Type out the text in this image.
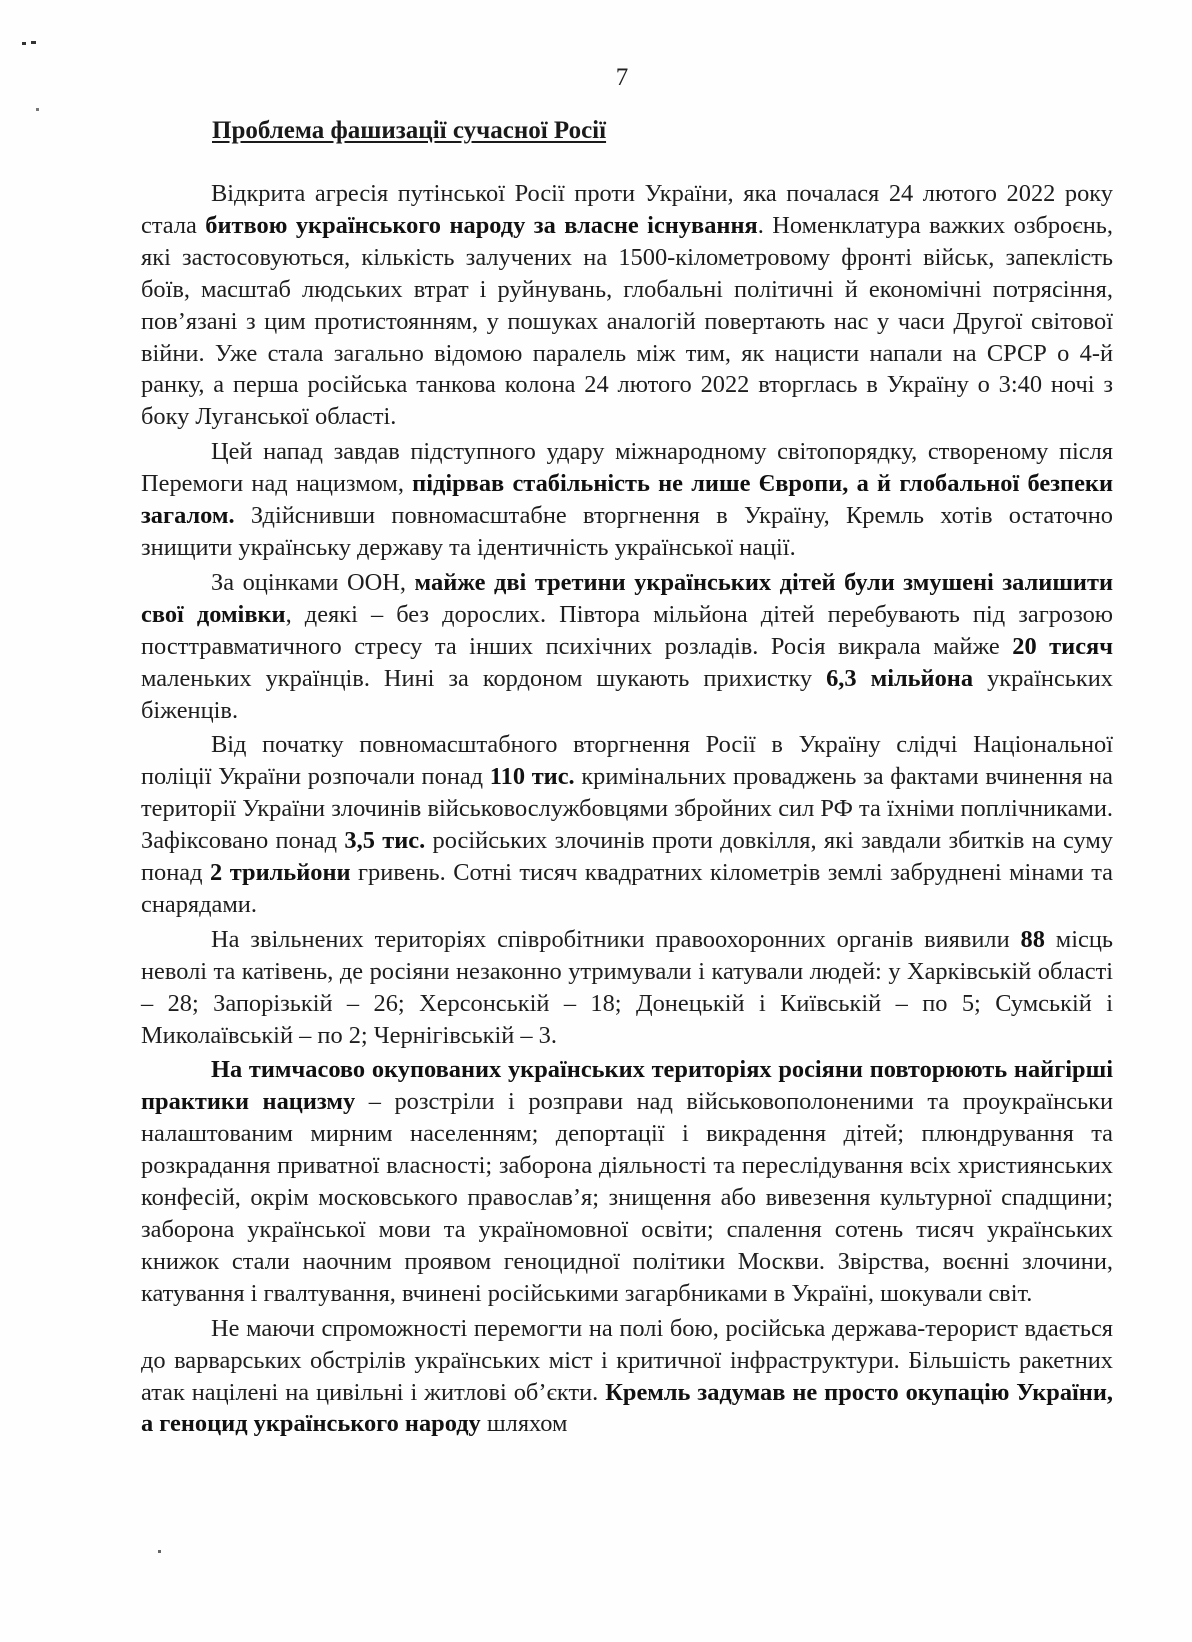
7
Проблема фашизації сучасної Росії

Відкрита агресія путінської Росії проти України, яка почалася 24 лютого 2022 року стала битвою українського народу за власне існування. Номенклатура важких озброєнь, які застосовуються, кількість залучених на 1500-кілометровому фронті військ, запеклість боїв, масштаб людських втрат і руйнувань, глобальні політичні й економічні потрясіння, пов’язані з цим протистоянням, у пошуках аналогій повертають нас у часи Другої світової війни. Уже стала загально відомою паралель між тим, як нацисти напали на СРСР о 4-й ранку, а перша російська танкова колона 24 лютого 2022 вторглась в Україну о 3:40 ночі з боку Луганської області.

Цей напад завдав підступного удару міжнародному світопорядку, створеному після Перемоги над нацизмом, підірвав стабільність не лише Європи, а й глобальної безпеки загалом. Здійснивши повномасштабне вторгнення в Україну, Кремль хотів остаточно знищити українську державу та ідентичність української нації.

За оцінками ООН, майже дві третини українських дітей були змушені залишити свої домівки, деякі – без дорослих. Півтора мільйона дітей перебувають під загрозою посттравматичного стресу та інших психічних розладів. Росія викрала майже 20 тисяч маленьких українців. Нині за кордоном шукають прихистку 6,3 мільйона українських біженців.

Від початку повномасштабного вторгнення Росії в Україну слідчі Національної поліції України розпочали понад 110 тис. кримінальних проваджень за фактами вчинення на території України злочинів військовослужбовцями збройних сил РФ та їхніми поплічниками. Зафіксовано понад 3,5 тис. російських злочинів проти довкілля, які завдали збитків на суму понад 2 трильйони гривень. Сотні тисяч квадратних кілометрів землі забруднені мінами та снарядами.

На звільнених територіях співробітники правоохоронних органів виявили 88 місць неволі та катівень, де росіяни незаконно утримували і катували людей: у Харківській області – 28; Запорізькій – 26; Херсонській – 18; Донецькій і Київській – по 5; Сумській і Миколаївській – по 2; Чернігівській – 3.

На тимчасово окупованих українських територіях росіяни повторюють найгірші практики нацизму – розстріли і розправи над військовополоненими та проукраїнськи налаштованим мирним населенням; депортації і викрадення дітей; плюндрування та розкрадання приватної власності; заборона діяльності та переслідування всіх християнських конфесій, окрім московського православ’я; знищення або вивезення культурної спадщини; заборона української мови та україномовної освіти; спалення сотень тисяч українських книжок стали наочним проявом геноцидної політики Москви. Звірства, воєнні злочини, катування і гвалтування, вчинені російськими загарбниками в Україні, шокували світ.

Не маючи спроможності перемогти на полі бою, російська держава-терорист вдається до варварських обстрілів українських міст і критичної інфраструктури. Більшість ракетних атак націлені на цивільні і житлові об’єкти. Кремль задумав не просто окупацію України, а геноцид українського народу шляхом
